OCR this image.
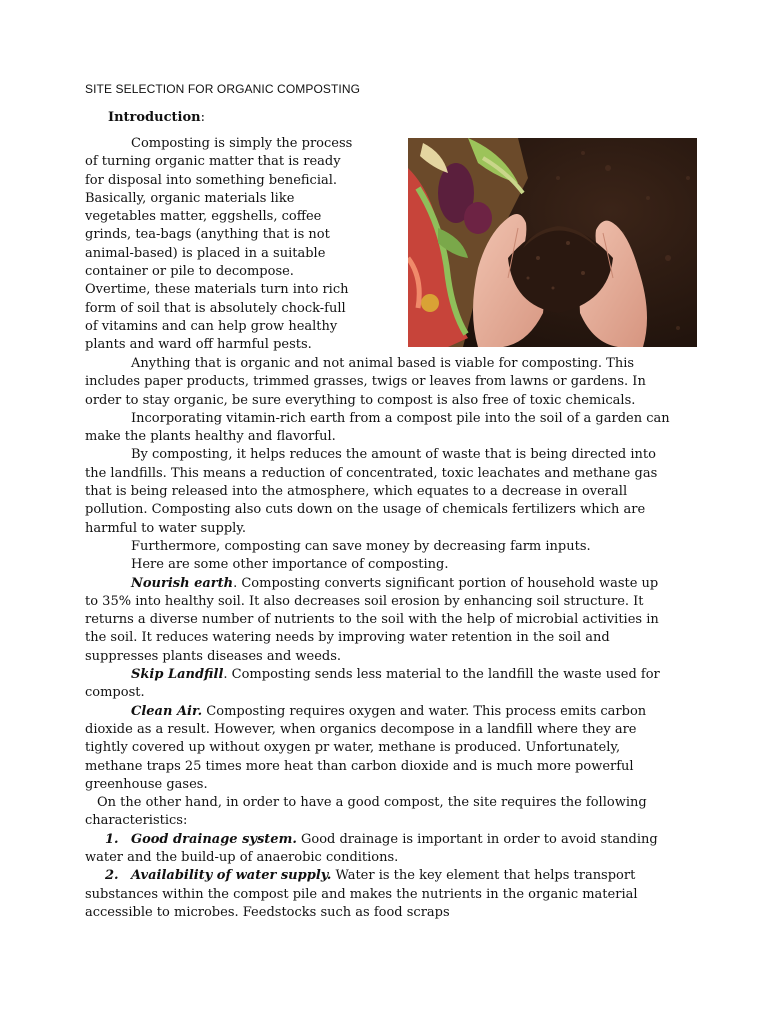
SITE SELECTION FOR ORGANIC COMPOSTING
Introduction:
Composting is simply the process
of turning organic matter that is ready
for disposal into something beneficial.
Basically, organic materials like
vegetables matter, eggshells, coffee
grinds, tea-bags (anything that is not
animal-based) is placed in a suitable
container or pile to decompose.
Overtime, these materials turn into rich
form of soil that is absolutely chock-full
of vitamins and can help grow healthy
plants and ward off harmful pests.

Anything that is organic and not animal based is viable for composting. This includes paper products, trimmed grasses, twigs or leaves from lawns or gardens. In order to stay organic, be sure everything to compost is also free of toxic chemicals.

Incorporating vitamin-rich earth from a compost pile into the soil of a garden can make the plants healthy and flavorful.

By composting, it helps reduces the amount of waste that is being directed into the landfills. This means a reduction of concentrated, toxic leachates and methane gas that is being released into the atmosphere, which equates to a decrease in overall pollution. Composting also cuts down on the usage of chemicals fertilizers which are harmful to water supply.

Furthermore, composting can save money by decreasing farm inputs.

Here are some other importance of composting.

Nourish earth. Composting converts significant portion of household waste up to 35% into healthy soil. It also decreases soil erosion by enhancing soil structure. It returns a diverse number of nutrients to the soil with the help of microbial activities in the soil. It reduces watering needs by improving water retention in the soil and suppresses plants diseases and weeds.

Skip Landfill. Composting sends less material to the landfill the waste used for compost.

Clean Air. Composting requires oxygen and water. This process emits carbon dioxide as a result. However, when organics decompose in a landfill where they are tightly covered up without oxygen pr water, methane is produced. Unfortunately, methane traps 25 times more heat than carbon dioxide and is much more powerful greenhouse gases.

On the other hand, in order to have a good compost, the site requires the following characteristics:

1. Good drainage system. Good drainage is important in order to avoid standing water and the build-up of anaerobic conditions.

2. Availability of water supply. Water is the key element that helps transport substances within the compost pile and makes the nutrients in the organic material accessible to microbes. Feedstocks such as food scraps
